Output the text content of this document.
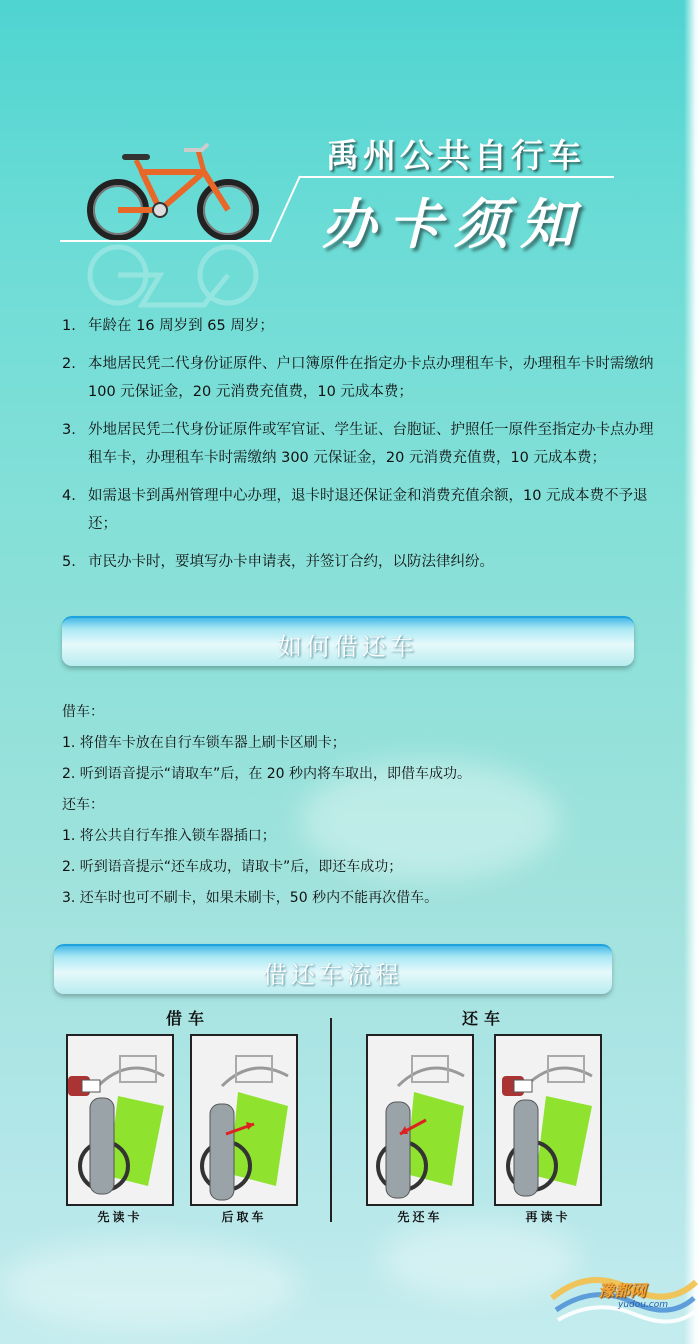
禹州公共自行车
办卡须知
1. 年龄在 16 周岁到 65 周岁；
2. 本地居民凭二代身份证原件、户口簿原件在指定办卡点办理租车卡，办理租车卡时需缴纳 100 元保证金，20 元消费充值费，10 元成本费；
3. 外地居民凭二代身份证原件或军官证、学生证、台胞证、护照任一原件至指定办卡点办理租车卡，办理租车卡时需缴纳 300 元保证金，20 元消费充值费，10 元成本费；
4. 如需退卡到禹州管理中心办理，退卡时退还保证金和消费充值余额，10 元成本费不予退还；
5. 市民办卡时，要填写办卡申请表，并签订合约，以防法律纠纷。
如何借还车
借车：
1. 将借车卡放在自行车锁车器上刷卡区刷卡；
2. 听到语音提示“请取车”后，在 20 秒内将车取出，即借车成功。
还车：
1. 将公共自行车推入锁车器插口；
2. 听到语音提示“还车成功，请取卡”后，即还车成功；
3. 还车时也可不刷卡，如果未刷卡，50 秒内不能再次借车。
借还车流程
借车	还车
先读卡	后取车	先还车	再读卡
豫都网
yudou.com
